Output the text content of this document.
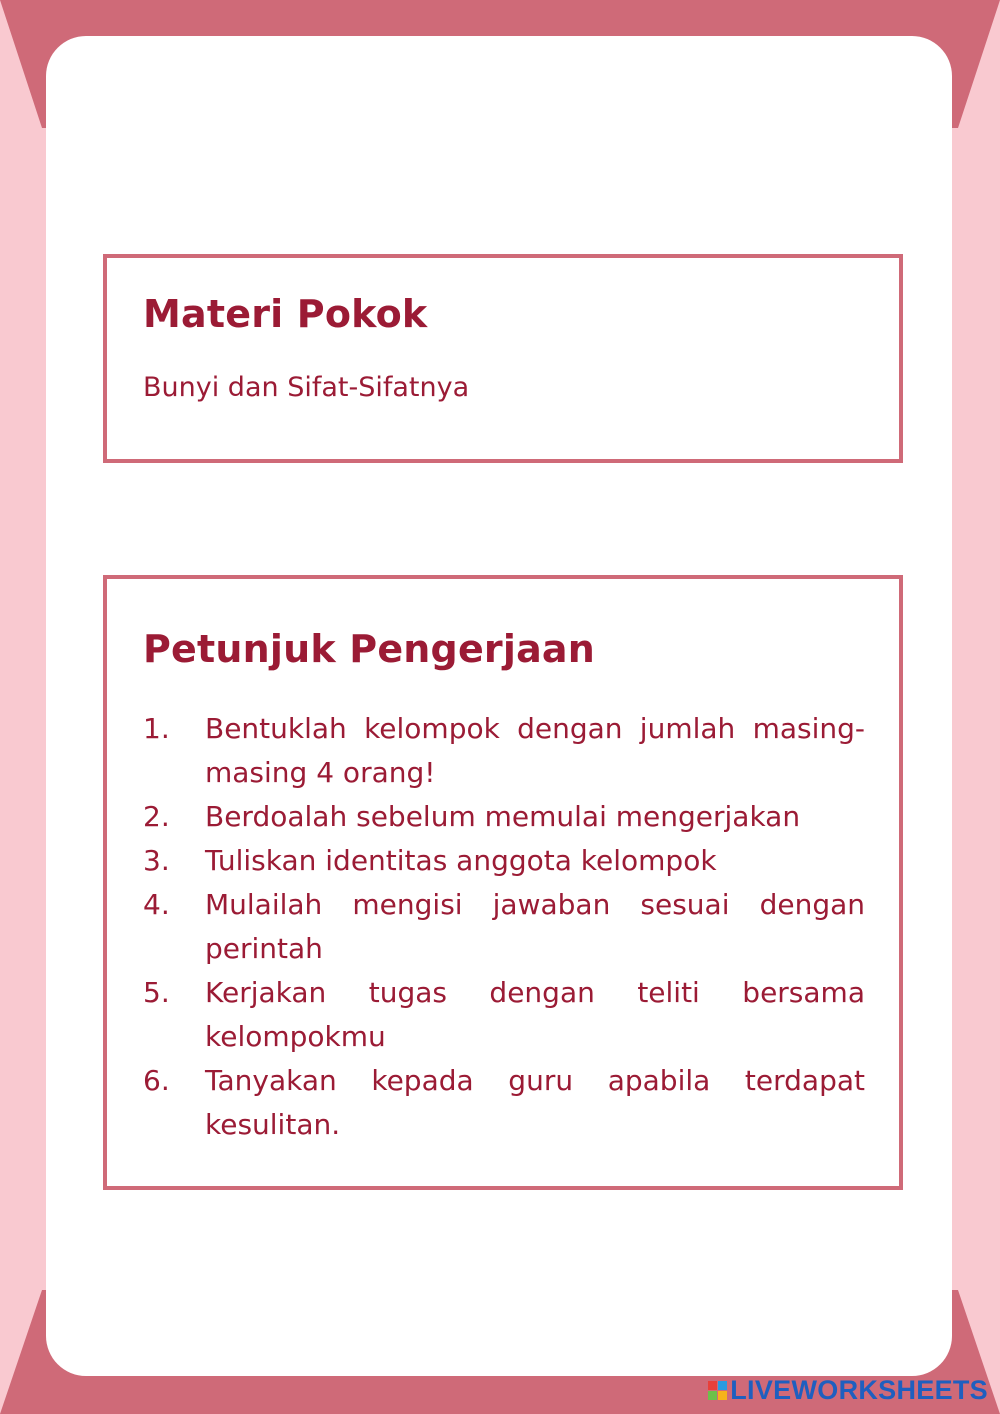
Materi Pokok

Bunyi dan Sifat-Sifatnya

Petunjuk Pengerjaan
1.	Bentuklah kelompok dengan jumlah masing-masing 4 orang!
2.	Berdoalah sebelum memulai mengerjakan
3.	Tuliskan identitas anggota kelompok
4.	Mulailah mengisi jawaban sesuai dengan perintah
5.	Kerjakan tugas dengan teliti bersama kelompokmu
6.	Tanyakan kepada guru apabila terdapat kesulitan.
LIVEWORKSHEETS
